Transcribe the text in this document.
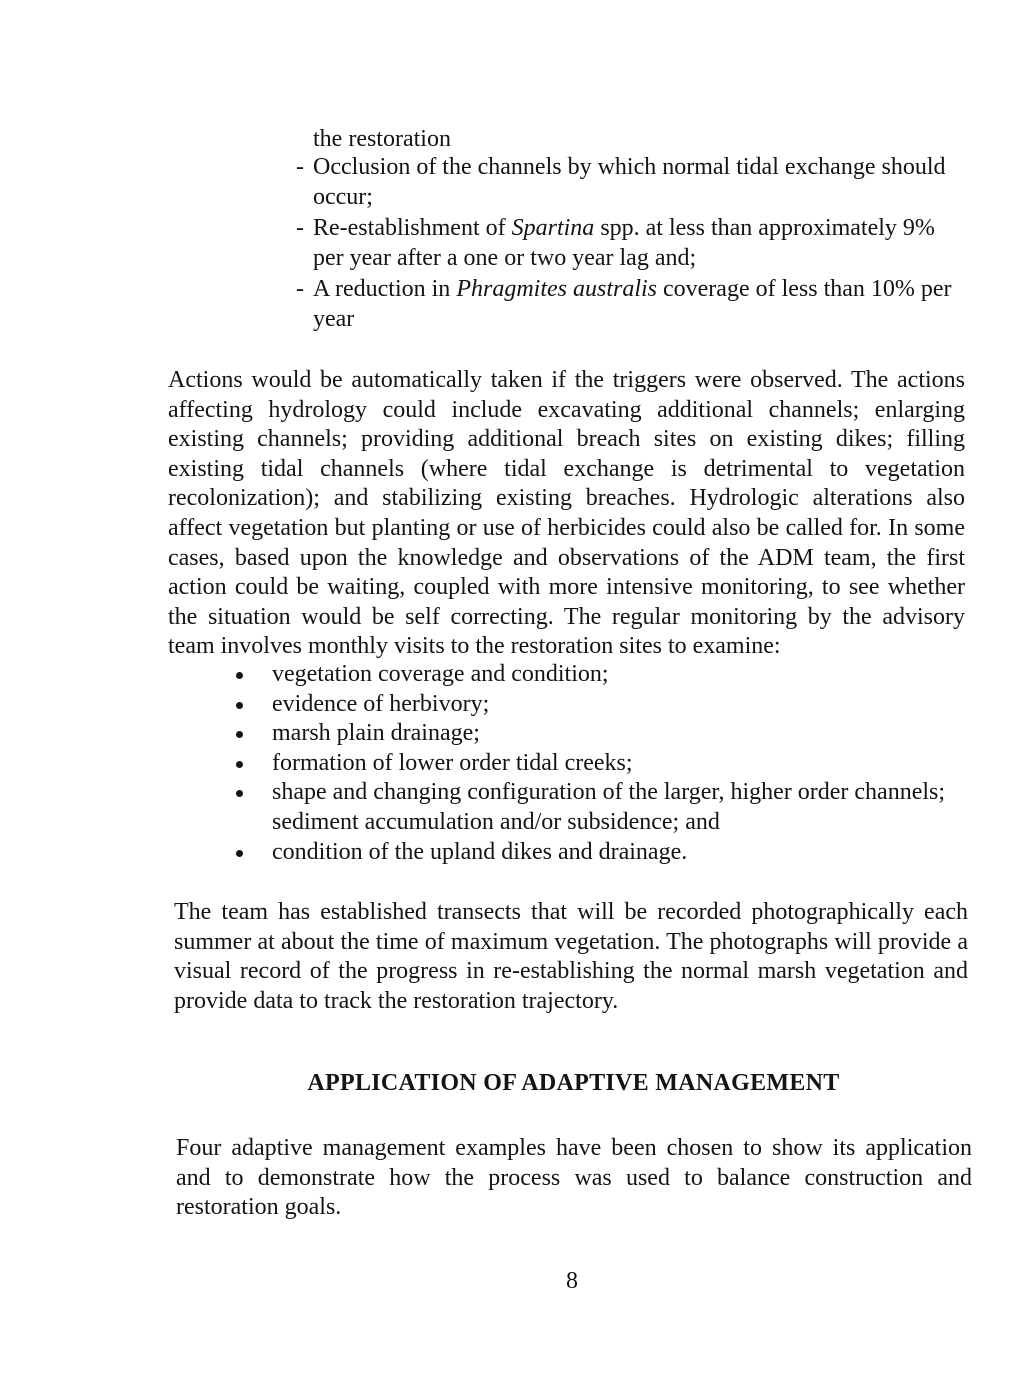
the restoration

- Occlusion of the channels by which normal tidal exchange should occur;
- Re-establishment of Spartina spp. at less than approximately 9% per year after a one or two year lag and;
- A reduction in Phragmites australis coverage of less than 10% per year

Actions would be automatically taken if the triggers were observed. The actions affecting hydrology could include excavating additional channels; enlarging existing channels; providing additional breach sites on existing dikes; filling existing tidal channels (where tidal exchange is detrimental to vegetation recolonization); and stabilizing existing breaches. Hydrologic alterations also affect vegetation but planting or use of herbicides could also be called for. In some cases, based upon the knowledge and observations of the ADM team, the first action could be waiting, coupled with more intensive monitoring, to see whether the situation would be self correcting. The regular monitoring by the advisory team involves monthly visits to the restoration sites to examine:

vegetation coverage and condition;
evidence of herbivory;
marsh plain drainage;
formation of lower order tidal creeks;
shape and changing configuration of the larger, higher order channels; sediment accumulation and/or subsidence; and
condition of the upland dikes and drainage.

The team has established transects that will be recorded photographically each summer at about the time of maximum vegetation. The photographs will provide a visual record of the progress in re-establishing the normal marsh vegetation and provide data to track the restoration trajectory.

APPLICATION OF ADAPTIVE MANAGEMENT

Four adaptive management examples have been chosen to show its application and to demonstrate how the process was used to balance construction and restoration goals.

8
